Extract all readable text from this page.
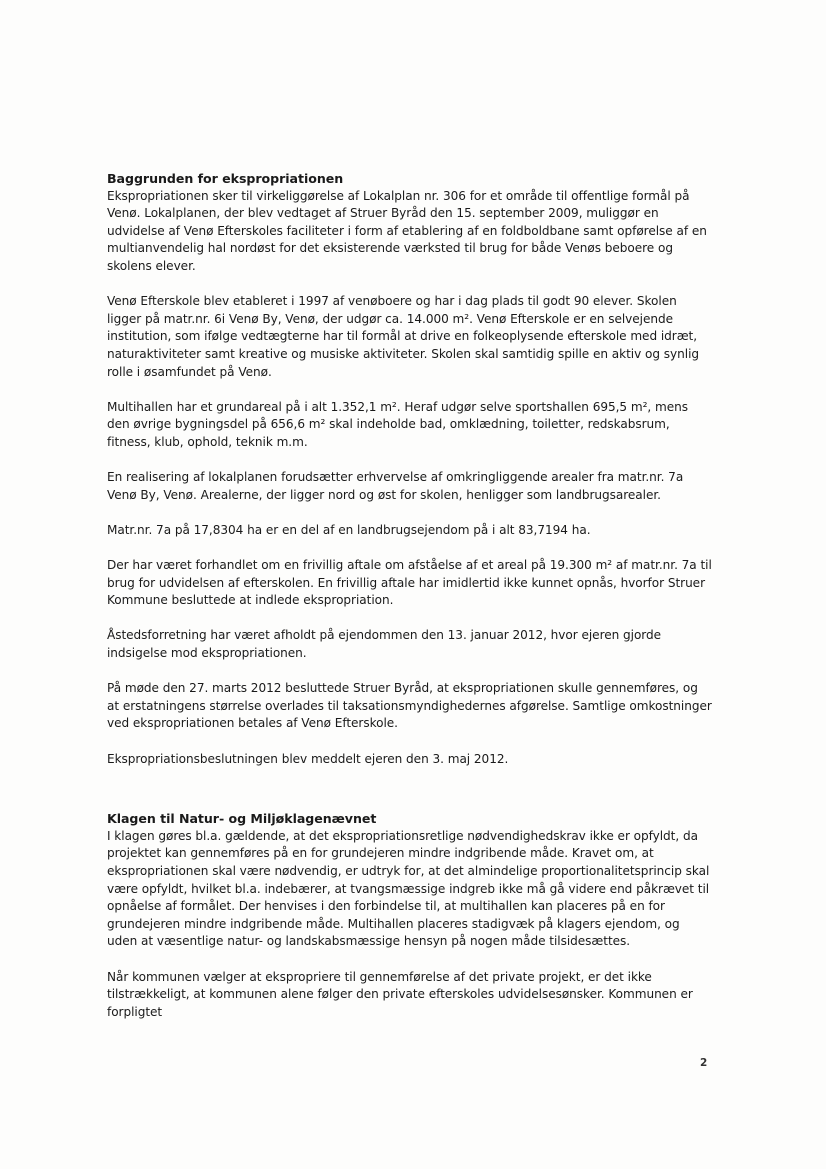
Baggrunden for ekspropriationen

Ekspropriationen sker til virkeliggørelse af Lokalplan nr. 306 for et område til offentlige formål på Venø. Lokalplanen, der blev vedtaget af Struer Byråd den 15. september 2009, muliggør en udvidelse af Venø Efterskoles faciliteter i form af etablering af en foldboldbane samt opførelse af en multianvendelig hal nordøst for det eksisterende værksted til brug for både Venøs beboere og skolens elever.

Venø Efterskole blev etableret i 1997 af venøboere og har i dag plads til godt 90 elever. Skolen ligger på matr.nr. 6i Venø By, Venø, der udgør ca. 14.000 m². Venø Efterskole er en selvejende institution, som ifølge vedtægterne har til formål at drive en folkeoplysende efterskole med idræt, naturaktiviteter samt kreative og musiske aktiviteter. Skolen skal samtidig spille en aktiv og synlig rolle i øsamfundet på Venø.

Multihallen har et grundareal på i alt 1.352,1 m². Heraf udgør selve sportshallen 695,5 m², mens den øvrige bygningsdel på 656,6 m² skal indeholde bad, omklædning, toiletter, redskabsrum, fitness, klub, ophold, teknik m.m.

En realisering af lokalplanen forudsætter erhvervelse af omkringliggende arealer fra matr.nr. 7a Venø By, Venø. Arealerne, der ligger nord og øst for skolen, henligger som landbrugsarealer.

Matr.nr. 7a på 17,8304 ha er en del af en landbrugsejendom på i alt 83,7194 ha.

Der har været forhandlet om en frivillig aftale om afståelse af et areal på 19.300 m² af matr.nr. 7a til brug for udvidelsen af efterskolen. En frivillig aftale har imidlertid ikke kunnet opnås, hvorfor Struer Kommune besluttede at indlede ekspropriation.

Åstedsforretning har været afholdt på ejendommen den 13. januar 2012, hvor ejeren gjorde indsigelse mod ekspropriationen.

På møde den 27. marts 2012 besluttede Struer Byråd, at ekspropriationen skulle gennemføres, og at erstatningens størrelse overlades til taksationsmyndighedernes afgørelse. Samtlige omkostninger ved ekspropriationen betales af Venø Efterskole.

Ekspropriationsbeslutningen blev meddelt ejeren den 3. maj 2012.

Klagen til Natur- og Miljøklagenævnet

I klagen gøres bl.a. gældende, at det ekspropriationsretlige nødvendighedskrav ikke er opfyldt, da projektet kan gennemføres på en for grundejeren mindre indgribende måde. Kravet om, at ekspropriationen skal være nødvendig, er udtryk for, at det almindelige proportionalitetsprincip skal være opfyldt, hvilket bl.a. indebærer, at tvangsmæssige indgreb ikke må gå videre end påkrævet til opnåelse af formålet. Der henvises i den forbindelse til, at multihallen kan placeres på en for grundejeren mindre indgribende måde. Multihallen placeres stadigvæk på klagers ejendom, og uden at væsentlige natur- og landskabsmæssige hensyn på nogen måde tilsidesættes.

Når kommunen vælger at ekspropriere til gennemførelse af det private projekt, er det ikke tilstrækkeligt, at kommunen alene følger den private efterskoles udvidelsesønsker. Kommunen er forpligtet

2
